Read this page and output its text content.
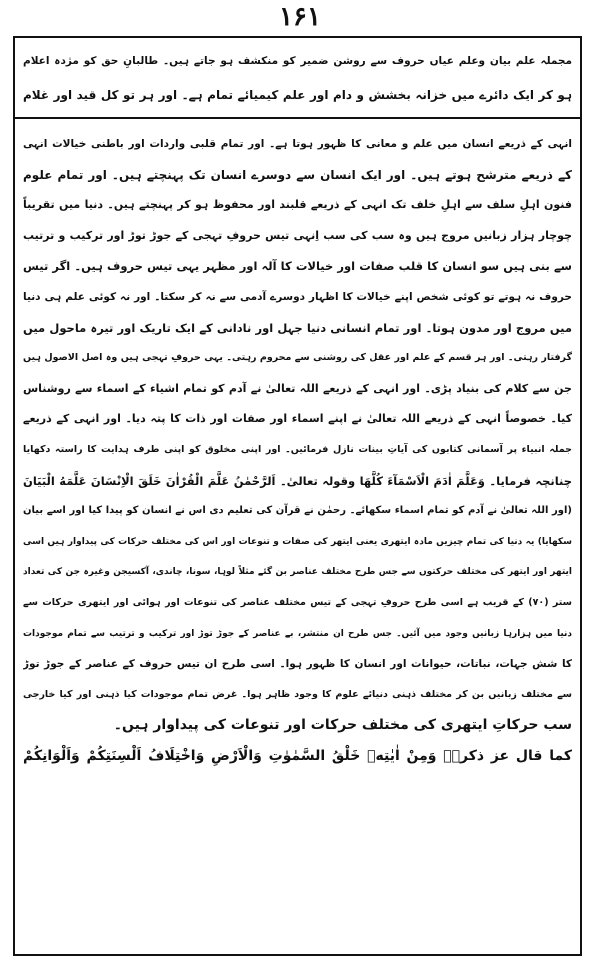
۱۶۱
مجملہ علم بیان وعلم عیاں حروف سے روشن ضمیر کو منکشف ہو جاتے ہیں۔ طالبانِ حق کو مژدہ اعلام
ہو کر ایک دائرے میں خزانہ بخشش و دام اور علم کیمیائے تمام ہے۔ اور ہر تو کل قید اور غلام
انہی کے ذریعے انسان میں علم و معانی کا ظہور ہوتا ہے۔ اور تمام قلبی واردات اور باطنی خیالات انہی
کے ذریعے مترشح ہوتے ہیں۔ اور ایک انسان سے دوسرے انسان تک پہنچتے ہیں۔ اور تمام علوم
فنون اہلِ سلف سے اہلِ خلف تک انہی کے ذریعے قلبند اور محفوظ ہو کر پہنچتے ہیں۔ دنیا میں تقریباً
چوچار ہزار زبانیں مروج ہیں وہ سب کی سب اِنہی تیس حروفِ تہجی کے جوڑ توڑ اور ترکیب و ترتیب
سے بنی ہیں سو انسان کا قلب صفات اور خیالات کا آلہ اور مظہر یہی تیس حروف ہیں۔ اگر تیس
حروف نہ ہوتے تو کوئی شخص اپنے خیالات کا اظہار دوسرے آدمی سے نہ کر سکتا۔ اور نہ کوئی علم ہی دنیا
میں مروج اور مدون ہوتا۔ اور تمام انسانی دنیا جہل اور نادانی کے ایک تاریک اور تیرہ ماحول میں
گرفتار رہتی۔ اور ہر قسم کے علم اور عقل کی روشنی سے محروم رہتی۔ یہی حروفِ تہجی ہیں وہ اصل الاصول ہیں
جن سے کلام کی بنیاد پڑی۔ اور انہی کے ذریعے اللہ تعالیٰ نے آدم کو تمام اشیاء کے اسماء سے روشناس
کیا۔ خصوصاً انہی کے ذریعے اللہ تعالیٰ نے اپنے اسماء اور صفات اور ذات کا پتہ دیا۔ اور انہی کے ذریعے
جملہ انبیاء پر آسمانی کتابوں کی آیاتِ بینات نازل فرمائیں۔ اور اپنی مخلوق کو اپنی طرف ہدایت کا راستہ دکھایا
چنانچہ فرمایا۔ وَعَلَّمَ اٰدَمَ الْاَسْمَآءَ كُلَّهَا وقولہ تعالیٰ۔ اَلرَّحْمٰنُ عَلَّمَ الْقُرْاٰنَ خَلَقَ الْاِنْسَانَ عَلَّمَهُ الْبَيَانَ
(اور اللہ تعالیٰ نے آدم کو تمام اسماء سکھائے۔ رحمٰن نے قرآن کی تعلیم دی اس نے انسان کو پیدا کیا اور اسے بیان
سکھایا) یہ دنیا کی تمام چیزیں مادہ ایتھری یعنی ایتھر کی صفات و تنوعات اور اس کی مختلف حرکات کی پیداوار ہیں اسی
ایتھر اور ایتھر کی مختلف حرکتوں سے جس طرح مختلف عناصر بن گئے مثلاً لوہا، سونا، چاندی، آکسیجن وغیرہ جن کی تعداد
ستر (۷۰) کے قریب ہے اسی طرح حروفِ تہجی کے تیس مختلف عناصر کی تنوعات اور ہوائی اور ایتھری حرکات سے
دنیا میں ہزارہا زبانیں وجود میں آئیں۔ جس طرح ان منتشر، بے عناصر کے جوڑ توڑ اور ترکیب و ترتیب سے تمام موجودات
کا شش جہات، نباتات، حیوانات اور انسان کا ظہور ہوا۔ اسی طرح ان تیس حروف کے عناصر کے جوڑ توڑ
سے مختلف زبانیں بن کر مختلف ذہنی دنیائے علوم کا وجود ظاہر ہوا۔ غرض تمام موجودات کیا ذہنی اور کیا خارجی
سب حرکاتِ ایتھری کی مختلف حرکات اور تنوعات کی پیداوار ہیں۔
کما قال عز ذکرہ۔ وَمِنْ اٰيٰتِهٖ خَلْقُ السَّمٰوٰتِ وَالْاَرْضِ وَاخْتِلَافُ اَلْسِنَتِكُمْ وَاَلْوَانِكُمْ
